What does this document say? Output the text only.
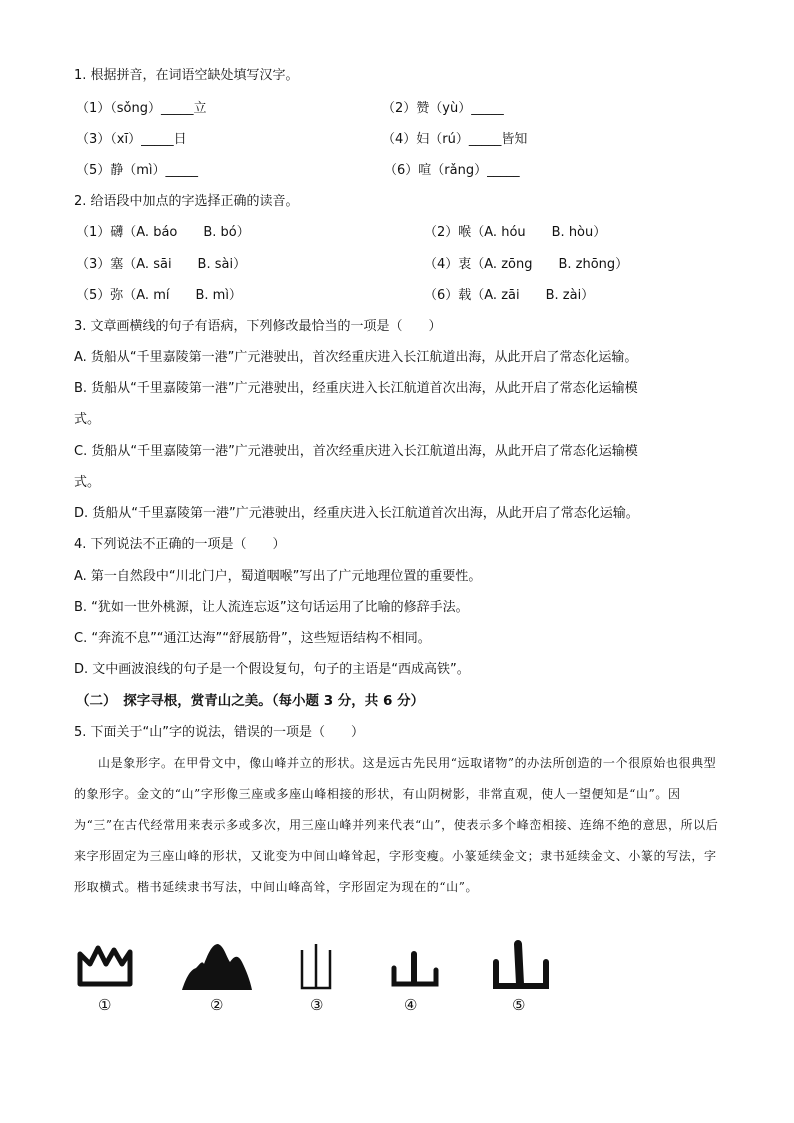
1. 根据拼音，在词语空缺处填写汉字。
（1）（sǒng）_____立	（2）赞（yù）_____
（3）（xī）_____日	（4）妇（rú）_____皆知
（5）静（mì）_____	（6）喧（rǎng）_____
2. 给语段中加点的字选择正确的读音。
（1）礴（A. báo　　B. bó）	（2）喉（A. hóu　　B. hòu）
（3）塞（A. sāi　　B. sài）	（4）衷（A. zōng　　B. zhōng）
（5）弥（A. mí　　B. mì）	（6）载（A. zāi　　B. zài）
3. 文章画横线的句子有语病，下列修改最恰当的一项是（　　）
A. 货船从“千里嘉陵第一港”广元港驶出，首次经重庆进入长江航道出海，从此开启了常态化运输。
B. 货船从“千里嘉陵第一港”广元港驶出，经重庆进入长江航道首次出海，从此开启了常态化运输模
式。
C. 货船从“千里嘉陵第一港”广元港驶出，首次经重庆进入长江航道出海，从此开启了常态化运输模
式。
D. 货船从“千里嘉陵第一港”广元港驶出，经重庆进入长江航道首次出海，从此开启了常态化运输。
4. 下列说法不正确的一项是（　　）
A. 第一自然段中“川北门户，蜀道咽喉”写出了广元地理位置的重要性。
B. “犹如一世外桃源，让人流连忘返”这句话运用了比喻的修辞手法。
C. “奔流不息”“通江达海”“舒展筋骨”，这些短语结构不相同。
D. 文中画波浪线的句子是一个假设复句，句子的主语是“西成高铁”。
（二）　探字寻根，赏青山之美。（每小题 3 分，共 6 分）
5. 下面关于“山”字的说法，错误的一项是（　　）

山是象形字。在甲骨文中，像山峰并立的形状。这是远古先民用“远取诸物”的办法所创造的一个很原始也很典型的象形字。金文的“山”字形像三座或多座山峰相接的形状，有山阴树影，非常直观，使人一望便知是“山”。因为“三”在古代经常用来表示多或多次，用三座山峰并列来代表“山”，使表示多个峰峦相接、连绵不绝的意思，所以后来字形固定为三座山峰的形状，又讹变为中间山峰耸起，字形变瘦。小篆延续金文；隶书延续金文、小篆的写法，字形取横式。楷书延续隶书写法，中间山峰高耸，字形固定为现在的“山”。

①	②	③	④	⑤
